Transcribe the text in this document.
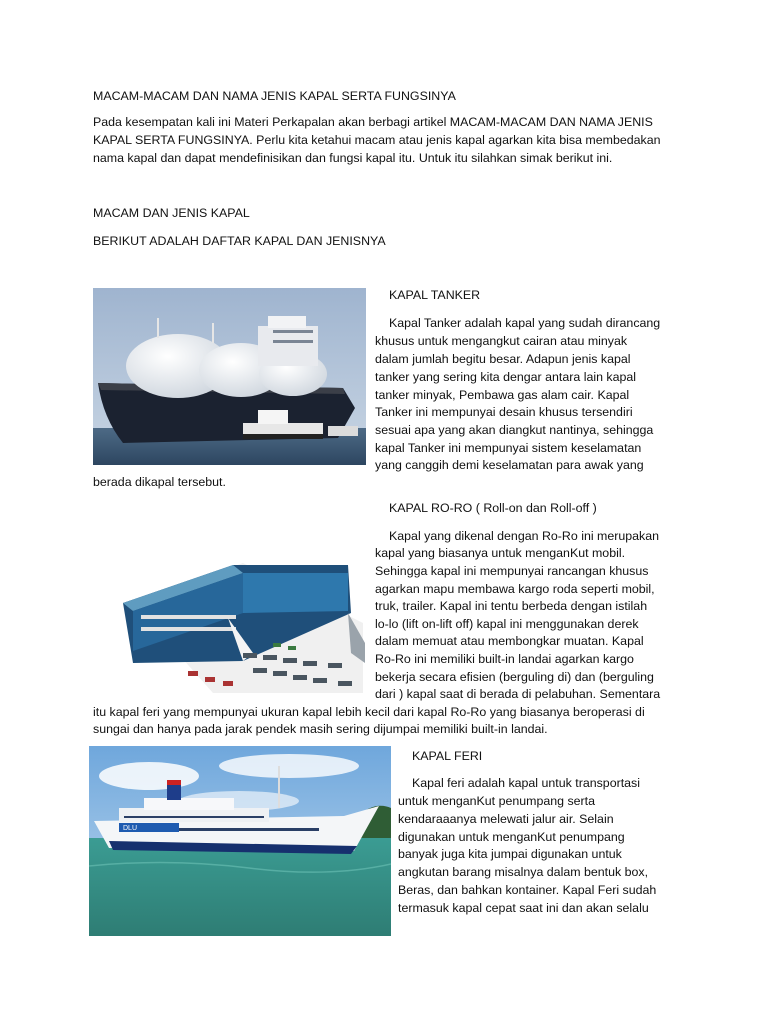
MACAM-MACAM DAN NAMA JENIS KAPAL SERTA FUNGSINYA
Pada kesempatan kali ini Materi Perkapalan akan berbagi artikel MACAM-MACAM DAN NAMA JENIS
KAPAL SERTA FUNGSINYA. Perlu kita ketahui macam atau jenis kapal agarkan kita bisa membedakan
nama kapal dan dapat mendefinisikan dan fungsi kapal itu. Untuk itu silahkan simak berikut ini.
MACAM DAN JENIS KAPAL
BERIKUT ADALAH DAFTAR KAPAL DAN JENISNYA
KAPAL TANKER
Kapal Tanker adalah kapal yang sudah dirancang
khusus untuk mengangkut cairan atau minyak
dalam jumlah begitu besar. Adapun jenis kapal
tanker yang sering kita dengar antara lain kapal
tanker minyak, Pembawa gas alam cair. Kapal
Tanker ini mempunyai desain khusus tersendiri
sesuai apa yang akan diangkut nantinya, sehingga
kapal Tanker ini mempunyai sistem keselamatan
yang canggih demi keselamatan para awak yang
berada dikapal tersebut.
KAPAL RO-RO ( Roll-on dan Roll-off )
Kapal yang dikenal dengan Ro-Ro ini merupakan
kapal yang biasanya untuk menganKut mobil.
Sehingga kapal ini mempunyai rancangan khusus
agarkan mapu membawa kargo roda seperti mobil,
truk, trailer. Kapal ini tentu berbeda dengan istilah
lo-lo (lift on-lift off) kapal ini menggunakan derek
dalam memuat atau membongkar muatan. Kapal
Ro-Ro ini memiliki built-in landai agarkan kargo
bekerja secara efisien (berguling di) dan (berguling
dari ) kapal saat di berada di pelabuhan. Sementara
itu kapal feri yang mempunyai ukuran kapal lebih kecil dari kapal Ro-Ro yang biasanya beroperasi di
sungai dan hanya pada jarak pendek masih sering dijumpai memiliki built-in landai.
DLU
KAPAL FERI
Kapal feri adalah kapal untuk transportasi
untuk menganKut penumpang serta
kendaraaanya melewati jalur air. Selain
digunakan untuk menganKut penumpang
banyak juga kita jumpai digunakan untuk
angkutan barang misalnya dalam bentuk box,
Beras, dan bahkan kontainer. Kapal Feri sudah
termasuk kapal cepat saat ini dan akan selalu
